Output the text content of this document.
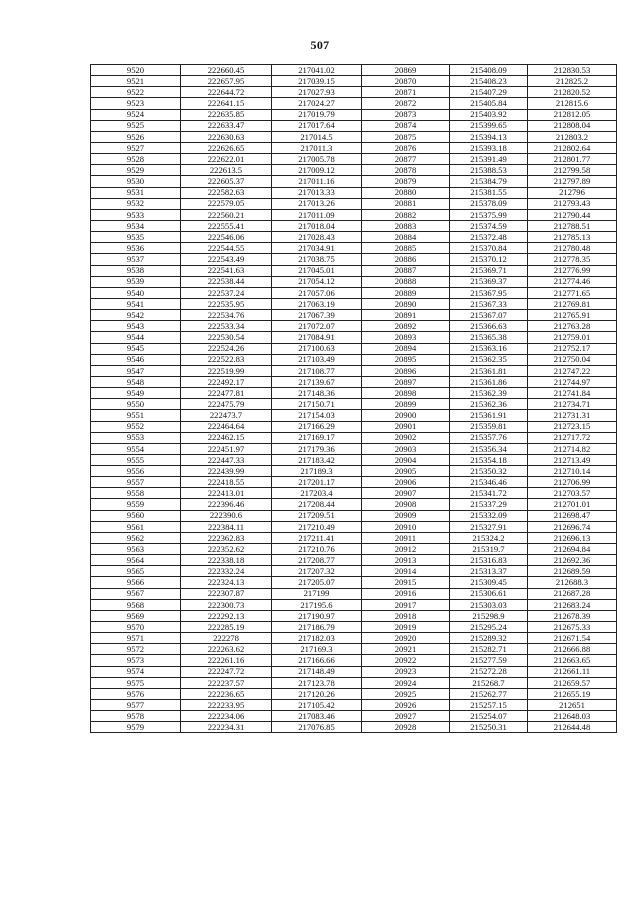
507
9520	222660.45	217041.02	20869	215408.09	212830.53
9521	222657.95	217039.15	20870	215408.23	212825.2
9522	222644.72	217027.93	20871	215407.29	212820.52
9523	222641.15	217024.27	20872	215405.84	212815.6
9524	222635.85	217019.79	20873	215403.92	212812.05
9525	222633.47	217017.64	20874	215399.65	212808.04
9526	222630.63	217014.5	20875	215394.13	212803.2
9527	222626.65	217011.3	20876	215393.18	212802.64
9528	222622.01	217005.78	20877	215391.49	212801.77
9529	222613.5	217009.12	20878	215388.53	212799.58
9530	222605.37	217011.16	20879	215384.79	212797.89
9531	222582.63	217013.33	20880	215381.55	212796
9532	222579.05	217013.26	20881	215378.09	212793.43
9533	222560.21	217011.09	20882	215375.99	212790.44
9534	222555.41	217018.04	20883	215374.59	212788.51
9535	222546.06	217028.43	20884	215372.48	212785.13
9536	222544.55	217034.91	20885	215370.84	212780.48
9537	222543.49	217038.75	20886	215370.12	212778.35
9538	222541.63	217045.01	20887	215369.71	212776.99
9539	222538.44	217054.12	20888	215369.37	212774.46
9540	222537.24	217057.06	20889	215367.95	212771.65
9541	222535.95	217063.19	20890	215367.33	212769.81
9542	222534.76	217067.39	20891	215367.07	212765.91
9543	222533.34	217072.07	20892	215366.63	212763.28
9544	222530.54	217084.91	20893	215365.38	212759.01
9545	222524.26	217100.63	20894	215363.16	212752.17
9546	222522.83	217103.49	20895	215362.35	212750.04
9547	222519.99	217108.77	20896	215361.81	212747.22
9548	222492.17	217139.67	20897	215361.86	212744.97
9549	222477.81	217148.36	20898	215362.39	212741.84
9550	222475.79	217150.71	20899	215362.36	212734.71
9551	222473.7	217154.03	20900	215361.91	212731.31
9552	222464.64	217166.29	20901	215359.81	212723.15
9553	222462.15	217169.17	20902	215357.76	212717.72
9554	222451.97	217179.36	20903	215356.34	212714.82
9555	222447.33	217183.42	20904	215354.18	212713.49
9556	222439.99	217189.3	20905	215350.32	212710.14
9557	222418.55	217201.17	20906	215346.46	212706.99
9558	222413.01	217203.4	20907	215341.72	212703.57
9559	222396.46	217208.44	20908	215337.29	212701.01
9560	222390.6	217209.51	20909	215332.09	212698.47
9561	222384.11	217210.49	20910	215327.91	212696.74
9562	222362.83	217211.41	20911	215324.2	212696.13
9563	222352.62	217210.76	20912	215319.7	212694.84
9564	222338.18	217208.77	20913	215316.83	212692.36
9565	222332.24	217207.32	20914	215313.37	212689.59
9566	222324.13	217205.07	20915	215309.45	212688.3
9567	222307.87	217199	20916	215306.61	212687.28
9568	222300.73	217195.6	20917	215303.03	212683.24
9569	222292.13	217190.97	20918	215298.9	212678.39
9570	222285.19	217186.79	20919	215295.24	212675.33
9571	222278	217182.03	20920	215289.32	212671.54
9572	222263.62	217169.3	20921	215282.71	212666.88
9573	222261.16	217166.66	20922	215277.59	212663.65
9574	222247.72	217148.49	20923	215272.28	212661.11
9575	222237.57	217123.78	20924	215268.7	212659.57
9576	222236.65	217120.26	20925	215262.77	212655.19
9577	222233.95	217105.42	20926	215257.15	212651
9578	222234.06	217083.46	20927	215254.07	212648.03
9579	222234.31	217076.85	20928	215250.31	212644.48
